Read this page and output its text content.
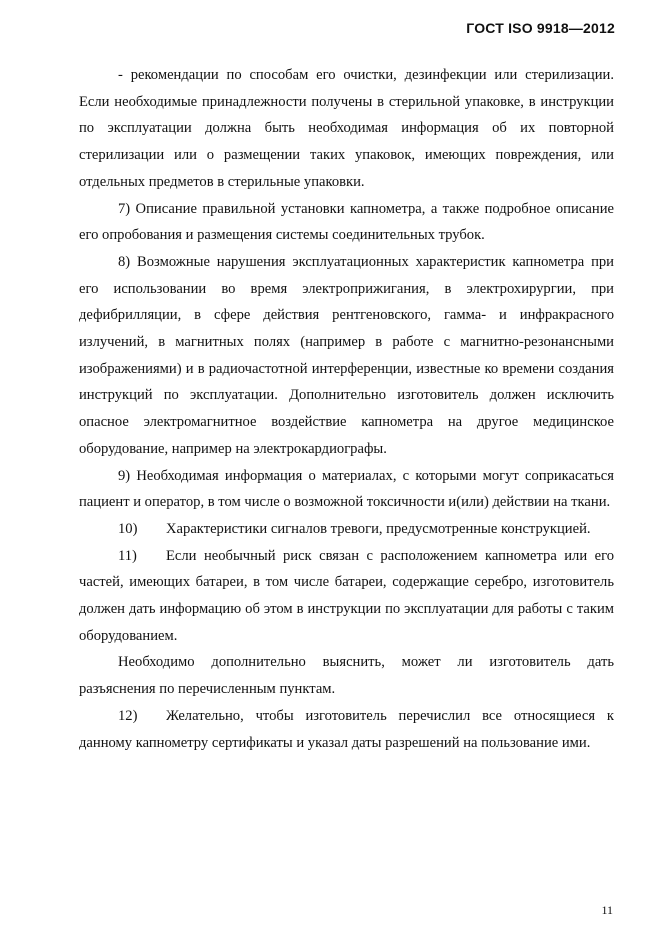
ГОСТ ISO 9918—2012

- рекомендации по способам его очистки, дезинфекции или стерилизации. Если необходимые принадлежности получены в стерильной упаковке, в инструкции по эксплуатации должна быть необходимая информация об их повторной стерилизации или о размещении таких упаковок, имеющих повреждения, или отдельных предметов в стерильные упаковки.

7) Описание правильной установки капнометра, а также подробное описание его опробования и размещения системы соединительных трубок.

8) Возможные нарушения эксплуатационных характеристик капнометра при его использовании во время электроприжигания, в электрохирургии, при дефибрилляции, в сфере действия рентгеновского, гамма- и инфракрасного излучений, в магнитных полях (например в работе с магнитно-резонансными изображениями) и в радиочастотной интерференции, известные ко времени создания инструкций по эксплуатации. Дополнительно изготовитель должен исключить опасное электромагнитное воздействие капнометра на другое медицинское оборудование, например на электрокардиографы.

9) Необходимая информация о материалах, с которыми могут соприкасаться пациент и оператор, в том числе о возможной токсичности и(или) действии на ткани.

10)	Характеристики сигналов тревоги, предусмотренные конструкцией.
11)	Если необычный риск связан с расположением капнометра или его

частей, имеющих батареи, в том числе батареи, содержащие серебро, изготовитель должен дать информацию об этом в инструкции по эксплуатации для работы с таким оборудованием.

Необходимо дополнительно выяснить, может ли изготовитель дать разъяснения по перечисленным пунктам.

12)	Желательно, чтобы изготовитель перечислил все относящиеся к

данному капнометру сертификаты и указал даты разрешений на пользование ими.

11
